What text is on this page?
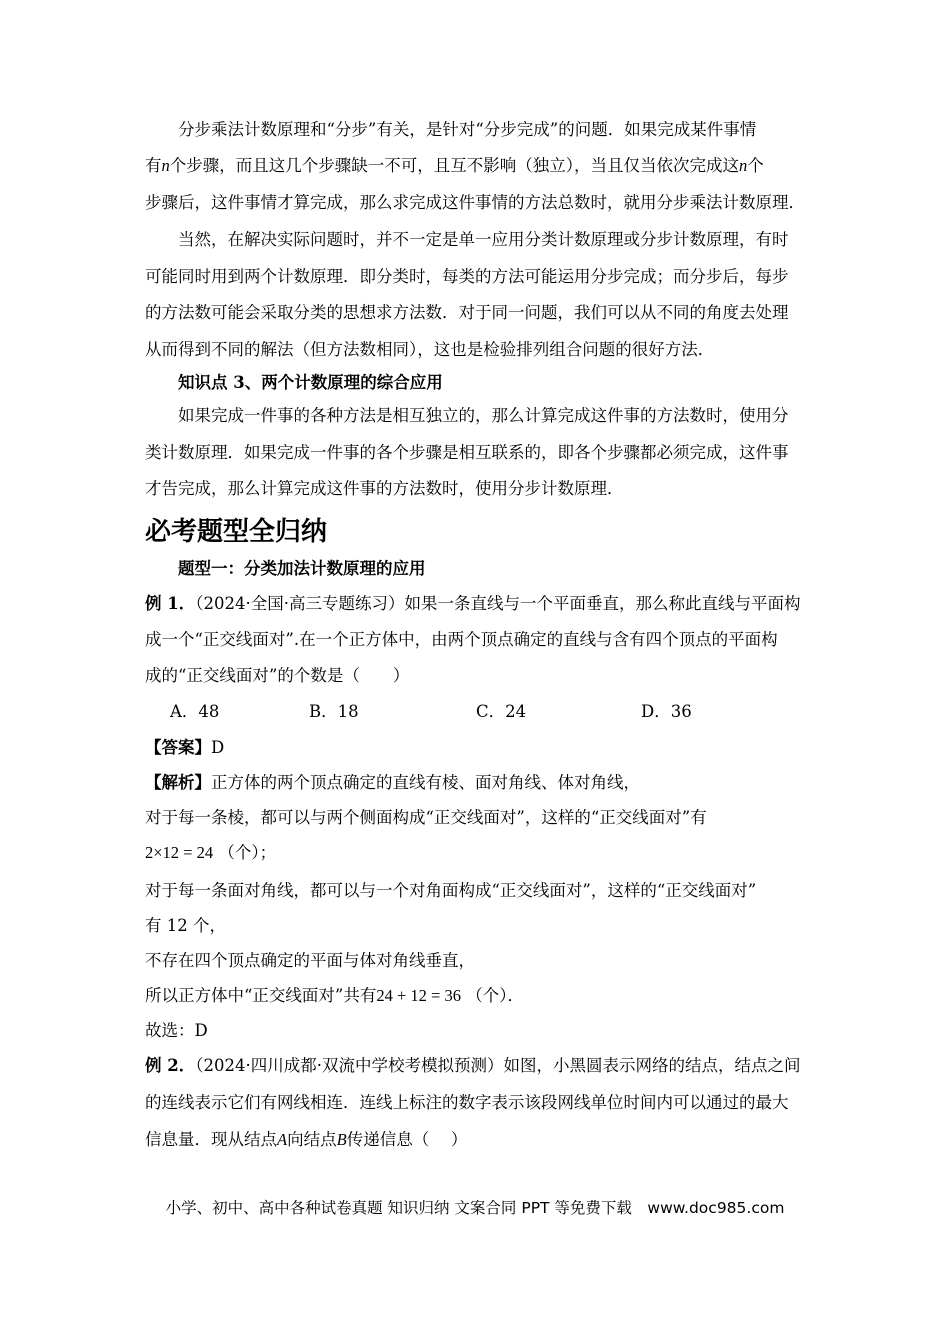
分步乘法计数原理和“分步”有关，是针对“分步完成”的问题．如果完成某件事情
有n个步骤，而且这几个步骤缺一不可，且互不影响（独立），当且仅当依次完成这n个
步骤后，这件事情才算完成，那么求完成这件事情的方法总数时，就用分步乘法计数原理．
当然，在解决实际问题时，并不一定是单一应用分类计数原理或分步计数原理，有时
可能同时用到两个计数原理．即分类时，每类的方法可能运用分步完成；而分步后，每步
的方法数可能会采取分类的思想求方法数．对于同一问题，我们可以从不同的角度去处理
从而得到不同的解法（但方法数相同），这也是检验排列组合问题的很好方法．
知识点 3、两个计数原理的综合应用
如果完成一件事的各种方法是相互独立的，那么计算完成这件事的方法数时，使用分
类计数原理．如果完成一件事的各个步骤是相互联系的，即各个步骤都必须完成，这件事
才告完成，那么计算完成这件事的方法数时，使用分步计数原理．
必考题型全归纳
题型一：分类加法计数原理的应用
例 1．（2024·全国·高三专题练习）如果一条直线与一个平面垂直，那么称此直线与平面构
成一个“正交线面对”.在一个正方体中，由两个顶点确定的直线与含有四个顶点的平面构
成的“正交线面对”的个数是（　　）
A．48	B．18	C．24	D．36
【答案】D
【解析】正方体的两个顶点确定的直线有棱、面对角线、体对角线，
对于每一条棱，都可以与两个侧面构成“正交线面对”，这样的“正交线面对”有
2×12 = 24 （个）；
对于每一条面对角线，都可以与一个对角面构成“正交线面对”，这样的“正交线面对”
有 12 个，
不存在四个顶点确定的平面与体对角线垂直，
所以正方体中“正交线面对”共有24 + 12 = 36 （个）．
故选：D
例 2．（2024·四川成都·双流中学校考模拟预测）如图，小黑圆表示网络的结点，结点之间
的连线表示它们有网线相连．连线上标注的数字表示该段网线单位时间内可以通过的最大
信息量．现从结点A向结点B传递信息（　 ）
小学、初中、高中各种试卷真题 知识归纳 文案合同 PPT 等免费下载　www.doc985.com
